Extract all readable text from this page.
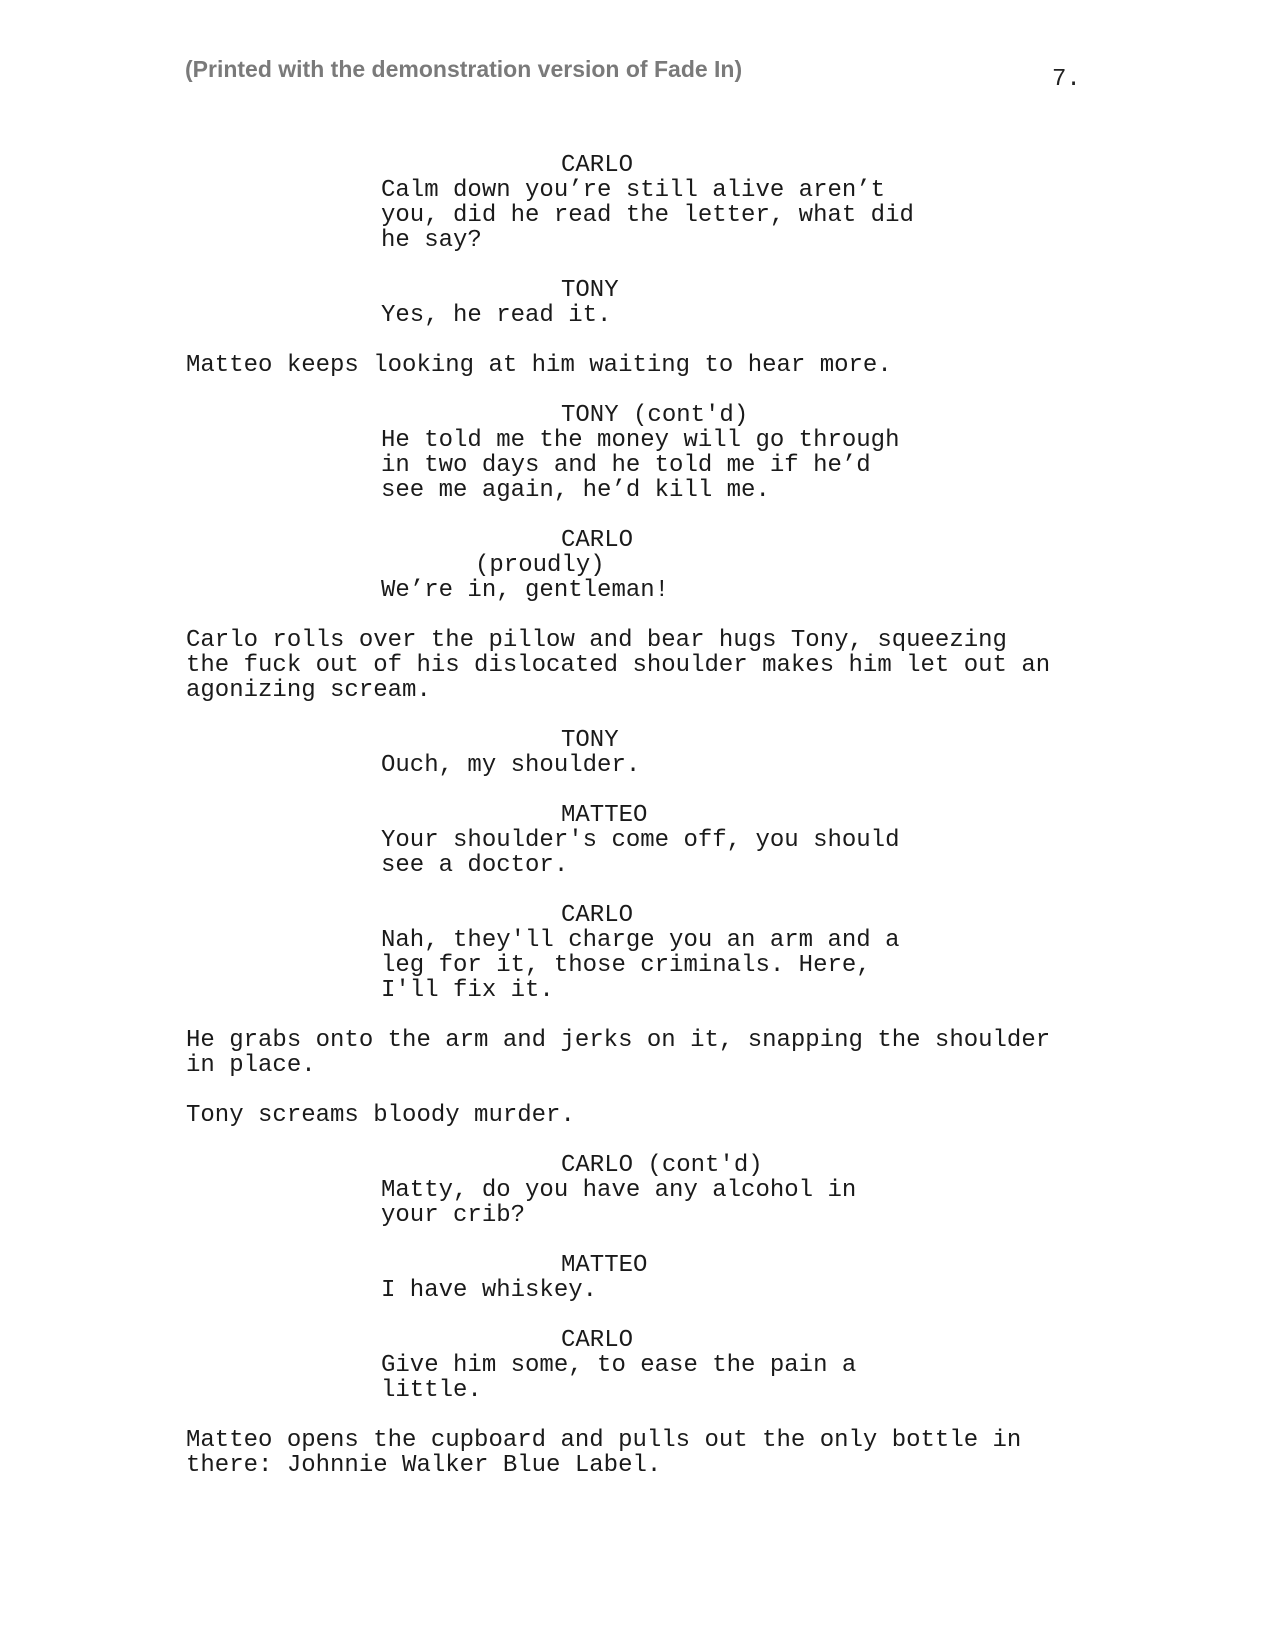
(Printed with the demonstration version of Fade In)	7.
CARLO
Calm down you’re still alive aren’t
you, did he read the letter, what did
he say?
TONY
Yes, he read it.
Matteo keeps looking at him waiting to hear more.
TONY (cont'd)
He told me the money will go through
in two days and he told me if he’d
see me again, he’d kill me.
CARLO
(proudly)
We’re in, gentleman!
Carlo rolls over the pillow and bear hugs Tony, squeezing
the fuck out of his dislocated shoulder makes him let out an
agonizing scream.
TONY
Ouch, my shoulder.
MATTEO
Your shoulder's come off, you should
see a doctor.
CARLO
Nah, they'll charge you an arm and a
leg for it, those criminals. Here,
I'll fix it.
He grabs onto the arm and jerks on it, snapping the shoulder
in place.
Tony screams bloody murder.
CARLO (cont'd)
Matty, do you have any alcohol in
your crib?
MATTEO
I have whiskey.
CARLO
Give him some, to ease the pain a
little.
Matteo opens the cupboard and pulls out the only bottle in
there: Johnnie Walker Blue Label.
